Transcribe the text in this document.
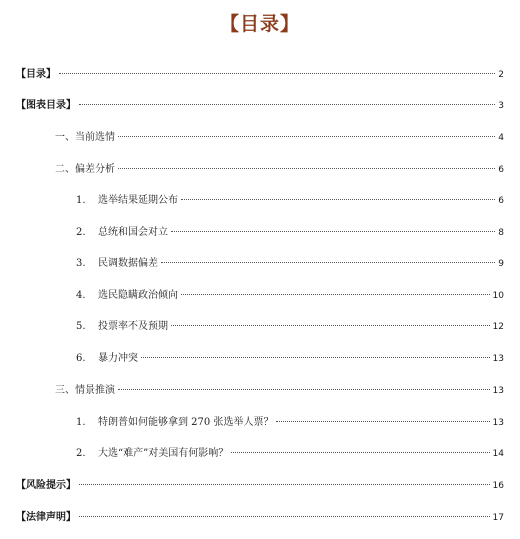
【目录】
【目录】	2
【图表目录】	3
一、 当前选情	4
二、 偏差分析	6
1.	选举结果延期公布	6
2.	总统和国会对立	8
3.	民调数据偏差	9
4.	选民隐瞒政治倾向	10
5.	投票率不及预期	12
6.	暴力冲突	13
三、 情景推演	13
1.	特朗普如何能够拿到 270 张选举人票？	13
2.	大选“难产”对美国有何影响？	14
【风险提示】	16
【法律声明】	17
